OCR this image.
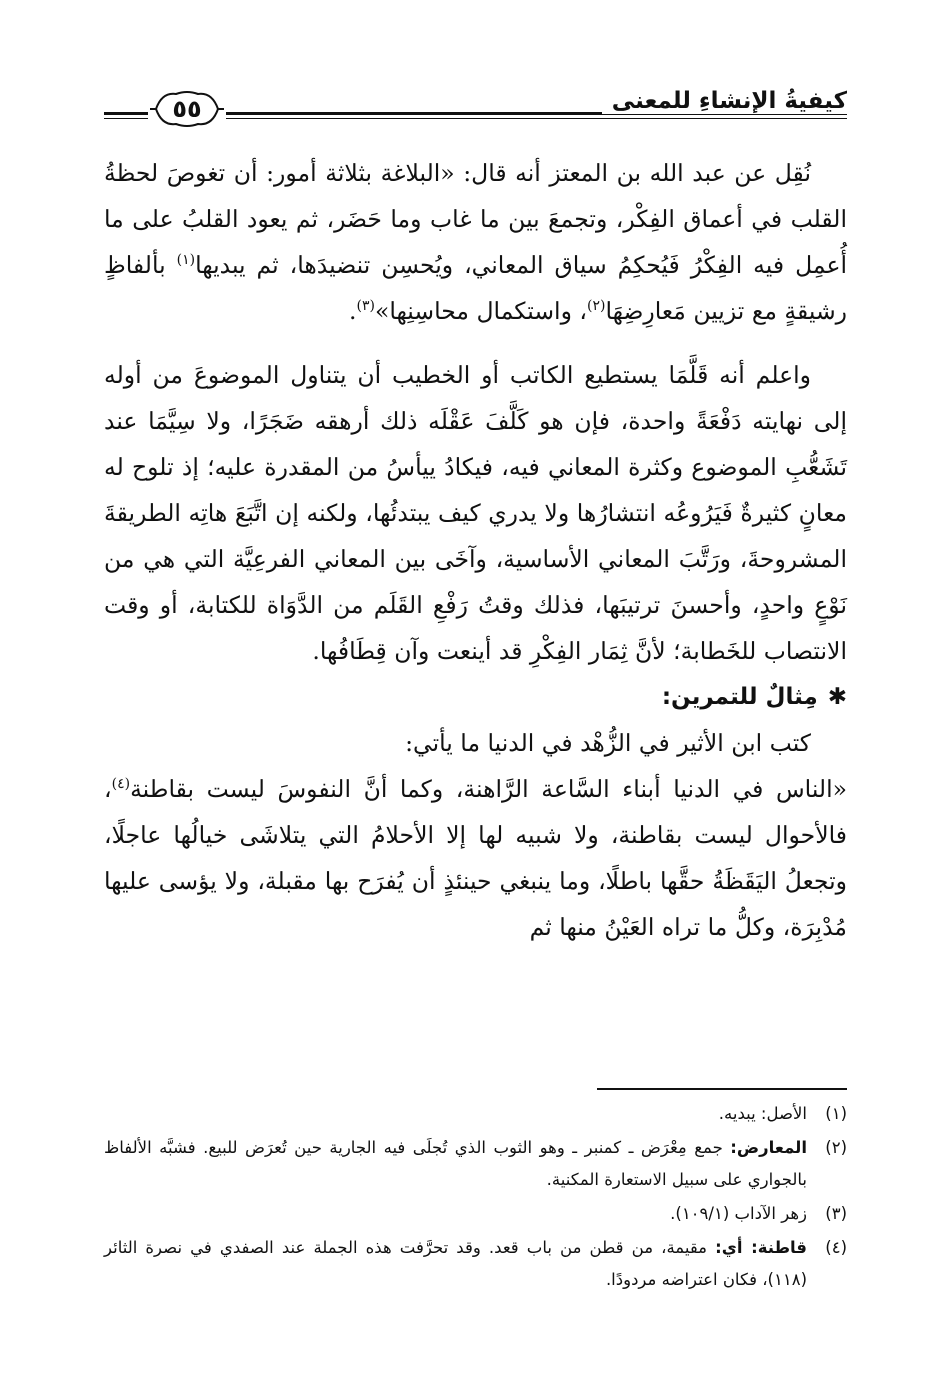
كيفيةُ الإنشاءِ للمعنى
٥٥

نُقِل عن عبد الله بن المعتز أنه قال: «البلاغة بثلاثة أمور: أن تغوصَ لحظةُ القلب في أعماق الفِكْر، وتجمعَ بين ما غاب وما حَضَر، ثم يعود القلبُ على ما أُعمِل فيه الفِكْرُ فَيُحكِمُ سياق المعاني، ويُحسِن تنضيدَها، ثم يبديها$^{(١)}$ بألفاظٍ رشيقةٍ مع تزيين مَعارِضِهَا$^{(٢)}$، واستكمال محاسِنِها»$^{(٣)}$.

واعلم أنه قَلَّمَا يستطيع الكاتب أو الخطيب أن يتناول الموضوعَ من أوله إلى نهايته دَفْعَةً واحدة، فإن هو كَلَّفَ عَقْلَه ذلك أرهقه ضَجَرًا، ولا سِيَّمَا عند تَشَعُّبِ الموضوع وكثرة المعاني فيه، فيكادُ ييأسُ من المقدرة عليه؛ إذ تلوح له معانٍ كثيرةٌ فَيَرُوعُه انتشارُها ولا يدري كيف يبتدئُها، ولكنه إن اتَّبَعَ هاتِه الطريقةَ المشروحةَ، ورَتَّبَ المعاني الأساسية، وآخَى بين المعاني الفرعِيَّة التي هي من نَوْعٍ واحدٍ، وأحسنَ ترتيبَها، فذلك وقتُ رَفْعِ القَلَم من الدَّوَاة للكتابة، أو وقت الانتصاب للخَطابة؛ لأنَّ ثِمَار الفِكْرِ قد أينعت وآن قِطَافُها.

✱مِثالٌ للتمرين:

كتب ابن الأثير في الزُّهْد في الدنيا ما يأتي:

«الناس في الدنيا أبناء السَّاعة الرَّاهنة، وكما أنَّ النفوسَ ليست بقاطنة$^{(٤)}$، فالأحوال ليست بقاطنة، ولا شبيه لها إلا الأحلامُ التي يتلاشَى خيالُها عاجلًا، وتجعلُ اليَقَظَةُ حقَّها باطلًا، وما ينبغي حينئذٍ أن يُفرَح بها مقبلة، ولا يؤسى عليها مُدْبِرَة، وكلُّ ما تراه العَيْنُ منها ثم

(١)
الأصل: يبديه.
(٢)
المعارض: جمع مِعْرَض ـ كمنبر ـ وهو الثوب الذي تُجلَى فيه الجارية حين تُعرَض للبيع. فشبَّه الألفاظ بالجواري على سبيل الاستعارة المكنية.
(٣)
زهر الآداب (١٠٩/١).
(٤)
قاطنة: أي: مقيمة، من قطن من باب قعد. وقد تحرَّفت هذه الجملة عند الصفدي في نصرة الثائر (١١٨)، فكان اعتراضه مردودًا.
